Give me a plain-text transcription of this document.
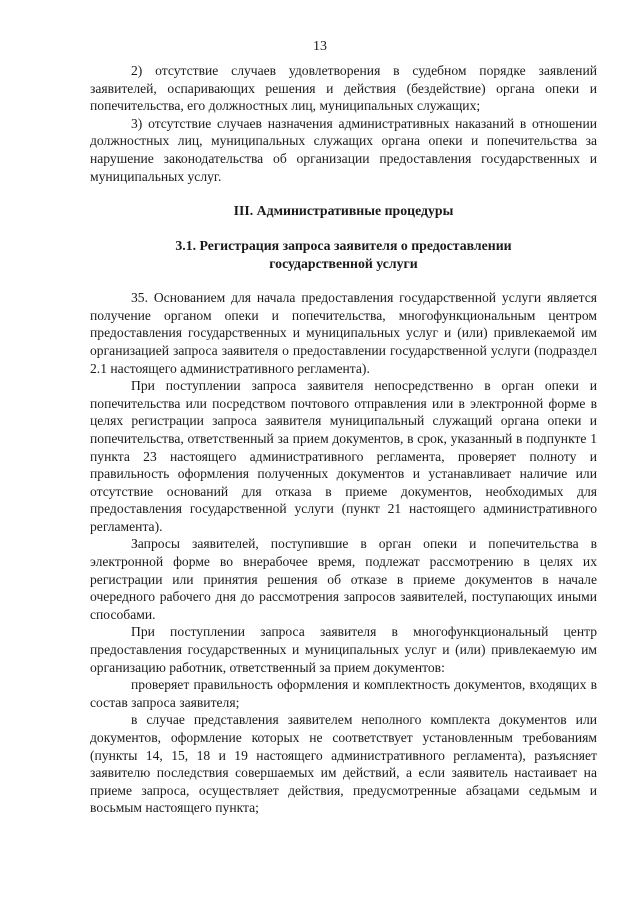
13

2) отсутствие случаев удовлетворения в судебном порядке заявлений заявителей, оспаривающих решения и действия (бездействие) органа опеки и попечительства, его должностных лиц, муниципальных служащих;

3) отсутствие случаев назначения административных наказаний в отношении должностных лиц, муниципальных служащих органа опеки и попечительства за нарушение законодательства об организации предоставления государственных и муниципальных услуг.

III. Административные процедуры

3.1. Регистрация запроса заявителя о предоставлении

государственной услуги

35. Основанием для начала предоставления государственной услуги является получение органом опеки и попечительства, многофункциональным центром предоставления государственных и муниципальных услуг и (или) привлекаемой им организацией запроса заявителя о предоставлении государственной услуги (подраздел 2.1 настоящего административного регламента).

При поступлении запроса заявителя непосредственно в орган опеки и попечительства или посредством почтового отправления или в электронной форме в целях регистрации запроса заявителя муниципальный служащий органа опеки и попечительства, ответственный за прием документов, в срок, указанный в подпункте 1 пункта 23 настоящего административного регламента, проверяет полноту и правильность оформления полученных документов и устанавливает наличие или отсутствие оснований для отказа в приеме документов, необходимых для предоставления государственной услуги (пункт 21 настоящего административного регламента).

Запросы заявителей, поступившие в орган опеки и попечительства в электронной форме во внерабочее время, подлежат рассмотрению в целях их регистрации или принятия решения об отказе в приеме документов в начале очередного рабочего дня до рассмотрения запросов заявителей, поступающих иными способами.

При поступлении запроса заявителя в многофункциональный центр предоставления государственных и муниципальных услуг и (или) привлекаемую им организацию работник, ответственный за прием документов:

проверяет правильность оформления и комплектность документов, входящих в состав запроса заявителя;

в случае представления заявителем неполного комплекта документов или документов, оформление которых не соответствует установленным требованиям (пункты 14, 15, 18 и 19 настоящего административного регламента), разъясняет заявителю последствия совершаемых им действий, а если заявитель настаивает на приеме запроса, осуществляет действия, предусмотренные абзацами седьмым и восьмым настоящего пункта;
